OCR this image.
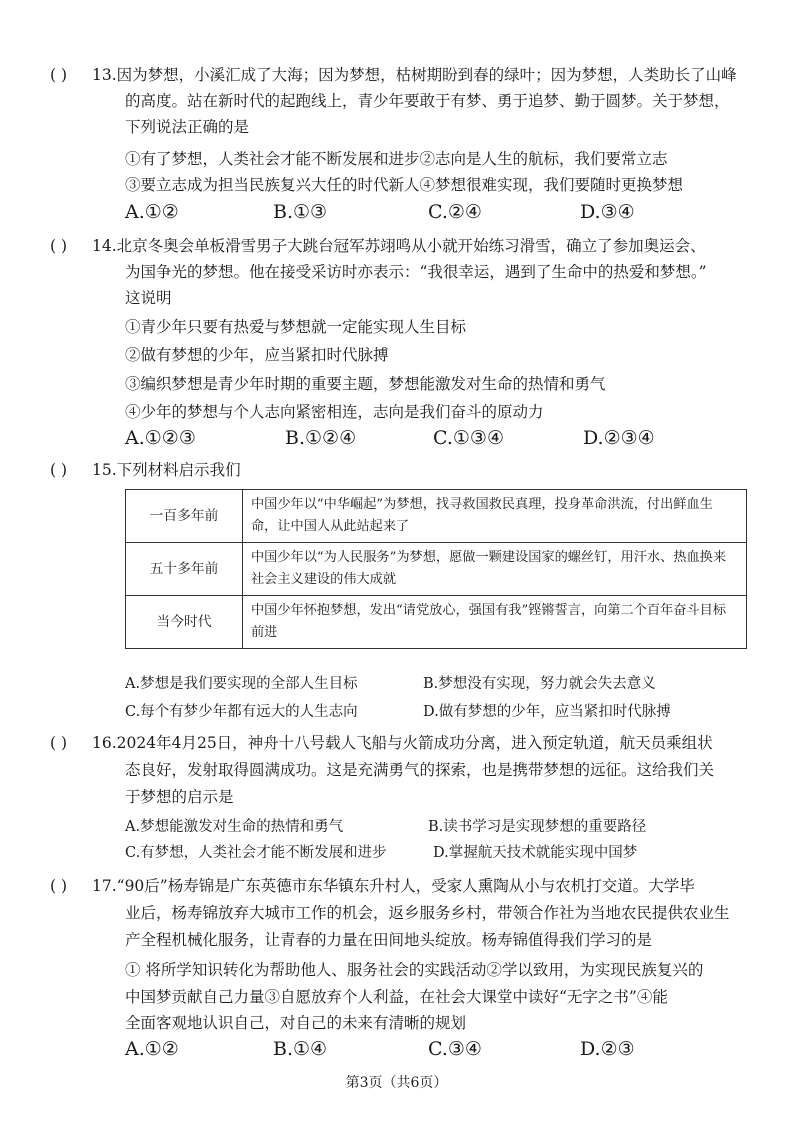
( ) 13.因为梦想，小溪汇成了大海；因为梦想，枯树期盼到春的绿叶；因为梦想，人类助长了山峰
的高度。站在新时代的起跑线上，青少年要敢于有梦、勇于追梦、勤于圆梦。关于梦想，
下列说法正确的是
①有了梦想，人类社会才能不断发展和进步②志向是人生的航标，我们要常立志
③要立志成为担当民族复兴大任的时代新人④梦想很难实现，我们要随时更换梦想
A.①②	B.①③	C.②④	D.③④
( ) 14.北京冬奥会单板滑雪男子大跳台冠军苏翊鸣从小就开始练习滑雪，确立了参加奥运会、
为国争光的梦想。他在接受采访时亦表示：“我很幸运，遇到了生命中的热爱和梦想。”
这说明
①青少年只要有热爱与梦想就一定能实现人生目标
②做有梦想的少年，应当紧扣时代脉搏
③编织梦想是青少年时期的重要主题，梦想能激发对生命的热情和勇气
④少年的梦想与个人志向紧密相连，志向是我们奋斗的原动力
A.①②③	B.①②④	C.①③④	D.②③④
( ) 15.下列材料启示我们
一百多年前	中国少年以“中华崛起”为梦想，找寻救国救民真理，投身革命洪流，付出鲜血生命，让中国人从此站起来了
五十多年前	中国少年以“为人民服务”为梦想，愿做一颗建设国家的螺丝钉，用汗水、热血换来社会主义建设的伟大成就
当今时代	中国少年怀抱梦想，发出“请党放心，强国有我”铿锵誓言，向第二个百年奋斗目标前进
A.梦想是我们要实现的全部人生目标	B.梦想没有实现，努力就会失去意义
C.每个有梦少年都有远大的人生志向	D.做有梦想的少年，应当紧扣时代脉搏
( ) 16.2024年4月25日，神舟十八号载人飞船与火箭成功分离，进入预定轨道，航天员乘组状
态良好，发射取得圆满成功。这是充满勇气的探索，也是携带梦想的远征。这给我们关
于梦想的启示是
A.梦想能激发对生命的热情和勇气	B.读书学习是实现梦想的重要路径
C.有梦想，人类社会才能不断发展和进步	D.掌握航天技术就能实现中国梦
( ) 17.“90后”杨寿锦是广东英德市东华镇东升村人，受家人熏陶从小与农机打交道。大学毕
业后，杨寿锦放弃大城市工作的机会，返乡服务乡村，带领合作社为当地农民提供农业生
产全程机械化服务，让青春的力量在田间地头绽放。杨寿锦值得我们学习的是
① 将所学知识转化为帮助他人、服务社会的实践活动②学以致用，为实现民族复兴的
中国梦贡献自己力量③自愿放弃个人利益，在社会大课堂中读好“无字之书”④能
全面客观地认识自己，对自己的未来有清晰的规划
A.①②	B.①④	C.③④	D.②③
第3页（共6页）
